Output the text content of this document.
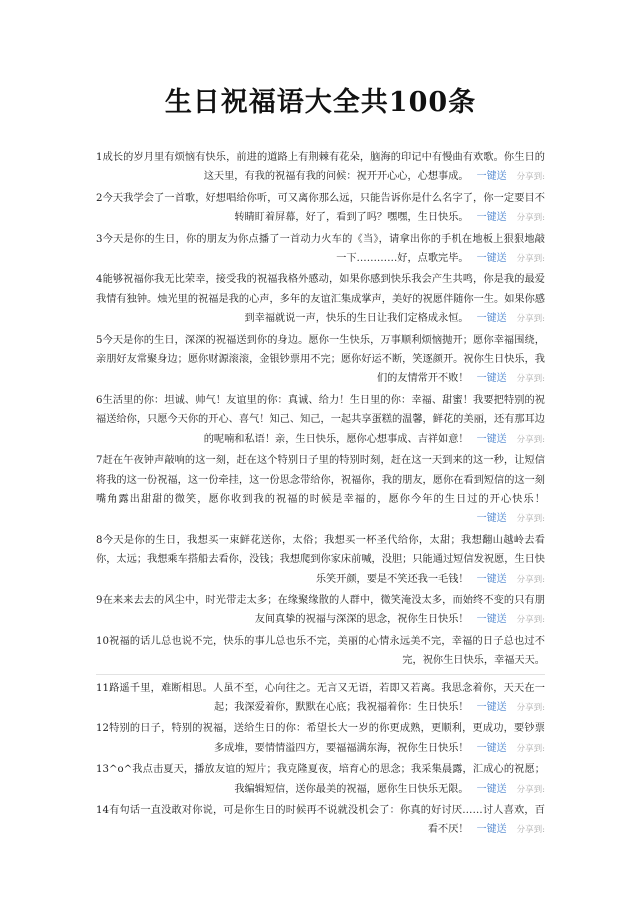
生日祝福语大全共100条
1成长的岁月里有烦恼有快乐，前进的道路上有荆棘有花朵，脑海的印记中有慢曲有欢歌。你生日的这天里，有我的祝福有我的问候：祝开开心心，心想事成。 一键送 分享到:
2今天我学会了一首歌，好想唱给你听，可又离你那么远，只能告诉你是什么名字了，你一定要目不转睛盯着屏幕，好了，看到了吗？嘿嘿，生日快乐。 一键送 分享到:
3今天是你的生日，你的朋友为你点播了一首动力火车的《当》，请拿出你的手机在地板上狠狠地敲一下…………好，点歌完毕。 一键送 分享到:
4能够祝福你我无比荣幸，接受我的祝福我格外感动，如果你感到快乐我会产生共鸣，你是我的最爱我情有独钟。烛光里的祝福是我的心声，多年的友谊汇集成掌声，美好的祝愿伴随你一生。如果你感到幸福就说一声，快乐的生日让我们定格成永恒。 一键送 分享到:
5今天是你的生日，深深的祝福送到你的身边。愿你一生快乐，万事顺利烦恼抛开；愿你幸福围绕，亲朋好友常聚身边；愿你财源滚滚，金银钞票用不完；愿你好运不断，笑逐颜开。祝你生日快乐，我们的友情常开不败！ 一键送 分享到:
6生活里的你：坦诚、帅气！友谊里的你：真诚、给力！生日里的你：幸福、甜蜜！我要把特别的祝福送给你，只愿今天你的开心、喜气！知己、知己，一起共享蛋糕的温馨，鲜花的美丽，还有那耳边的呢喃和私语！亲，生日快乐，愿你心想事成、吉祥如意！ 一键送 分享到:
7赶在午夜钟声敲响的这一刻，赶在这个特别日子里的特别时刻，赶在这一天到来的这一秒，让短信将我的这一份祝福，这一份牵挂，这一份思念带给你，祝福你，我的朋友，愿你在看到短信的这一刻嘴角露出甜甜的微笑，愿你收到我的祝福的时候是幸福的，愿你今年的生日过的开心快乐！一键送 分享到:
8今天是你的生日，我想买一束鲜花送你，太俗；我想买一杯圣代给你，太甜；我想翻山越岭去看你，太远；我想乘车搭船去看你，没钱；我想爬到你家床前喊，没胆；只能通过短信发祝愿，生日快乐笑开颜，要是不笑还我一毛钱！ 一键送 分享到:
9在来来去去的风尘中，时光带走太多；在缘聚缘散的人群中，微笑淹没太多，而始终不变的只有朋友间真挚的祝福与深深的思念，祝你生日快乐！ 一键送 分享到:
10祝福的话儿总也说不完，快乐的事儿总也乐不完，美丽的心情永远美不完，幸福的日子总也过不完，祝你生日快乐，幸福天天。
11路遥千里，难断相思。人虽不至，心向往之。无言又无语，若即又若离。我思念着你，天天在一起；我深爱着你，默默在心底；我祝福着你：生日快乐！ 一键送 分享到:
12特别的日子，特别的祝福，送给生日的你：希望长大一岁的你更成熟，更顺利，更成功，要钞票多成堆，要情情溢四方，要福福满东海，祝你生日快乐！ 一键送 分享到:
13^o^我点击夏天，播放友谊的短片；我克隆夏夜，培育心的思念；我采集晨露，汇成心的祝愿；我编辑短信，送你最美的祝福，愿你生日快乐无限。 一键送 分享到:
14有句话一直没敢对你说，可是你生日的时候再不说就没机会了：你真的好讨厌……讨人喜欢，百看不厌！ 一键送 分享到:
